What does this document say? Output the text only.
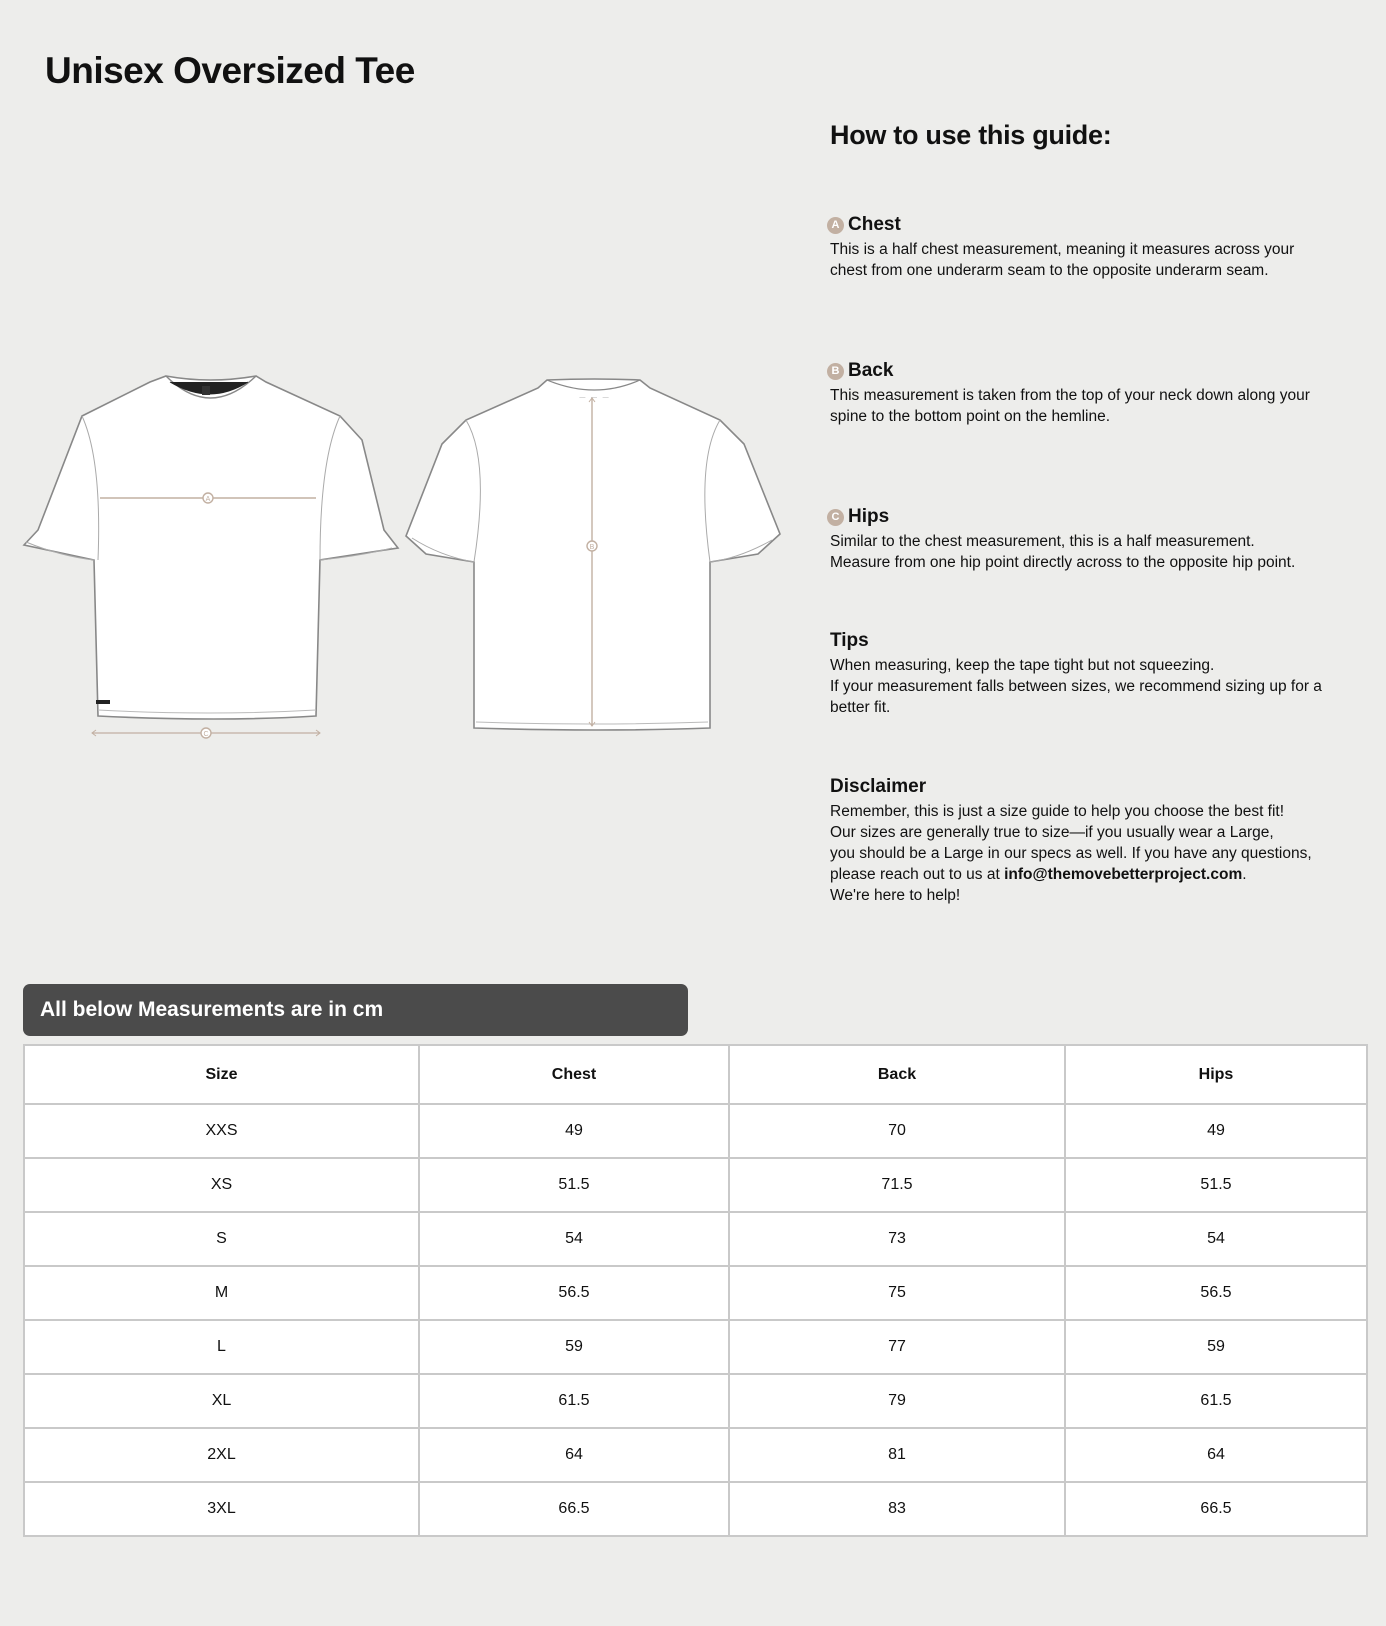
Unisex Oversized Tee
A
C
— — —
B
How to use this guide:
A Chest
This is a half chest measurement, meaning it measures across your
chest from one underarm seam to the opposite underarm seam.
B Back
This measurement is taken from the top of your neck down along your
spine to the bottom point on the hemline.
C Hips
Similar to the chest measurement, this is a half measurement.
Measure from one hip point directly across to the opposite hip point.
Tips
When measuring, keep the tape tight but not squeezing.
If your measurement falls between sizes, we recommend sizing up for a
better fit.
Disclaimer
Remember, this is just a size guide to help you choose the best fit!
Our sizes are generally true to size—if you usually wear a Large,
you should be a Large in our specs as well. If you have any questions,
please reach out to us at info@themovebetterproject.com.
We're here to help!
All below Measurements are in cm
Size	Chest	Back	Hips
XXS	49	70	49
XS	51.5	71.5	51.5
S	54	73	54
M	56.5	75	56.5
L	59	77	59
XL	61.5	79	61.5
2XL	64	81	64
3XL	66.5	83	66.5
